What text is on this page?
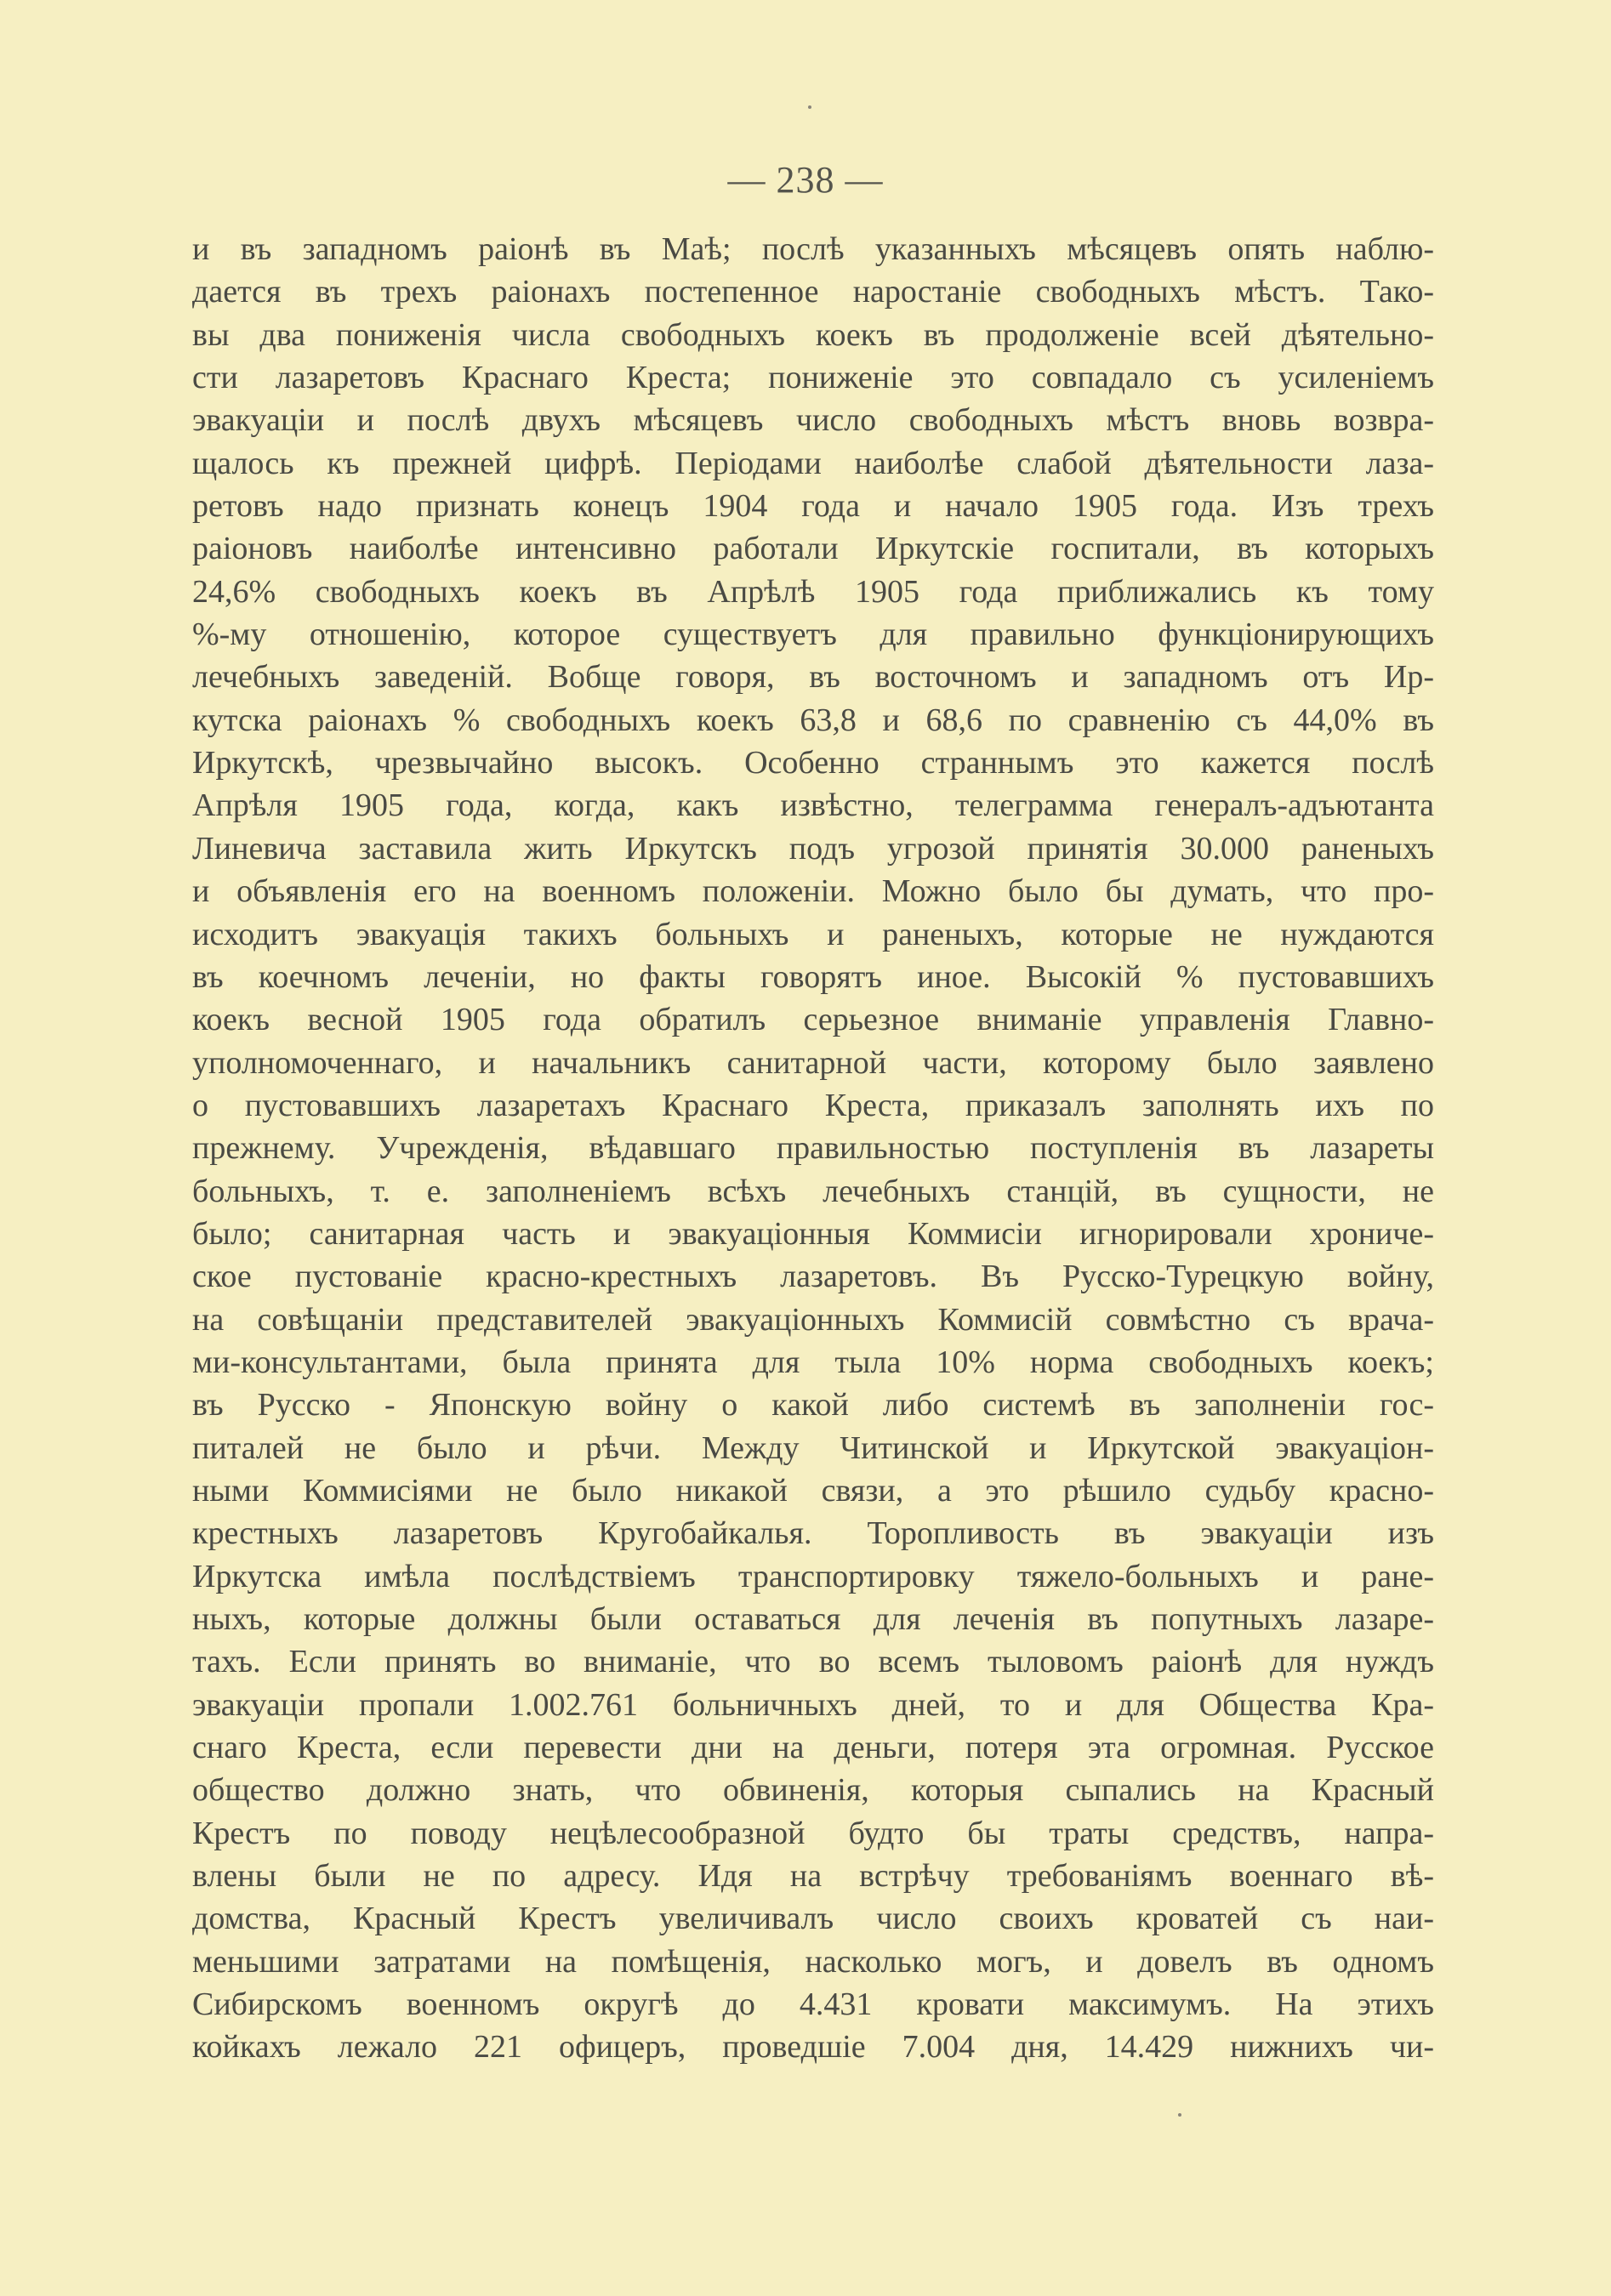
— 238 —
и въ западномъ раіонѣ въ Маѣ; послѣ указанныхъ мѣсяцевъ опять наблю-
дается въ трехъ раіонахъ постепенное наростаніе свободныхъ мѣстъ. Тако-
вы два пониженія числа свободныхъ коекъ въ продолженіе всей дѣятельно-
сти лазаретовъ Краснаго Креста; пониженіе это совпадало съ усиленіемъ
эвакуаціи и послѣ двухъ мѣсяцевъ число свободныхъ мѣстъ вновь возвра-
щалось къ прежней цифрѣ. Періодами наиболѣе слабой дѣятельности лаза-
ретовъ надо признать конецъ 1904 года и начало 1905 года. Изъ трехъ
раіоновъ наиболѣе интенсивно работали Иркутскіе госпитали, въ которыхъ
24,6% свободныхъ коекъ въ Апрѣлѣ 1905 года приближались къ тому
%-му отношенію, которое существуетъ для правильно функціонирующихъ
лечебныхъ заведеній. Вобще говоря, въ восточномъ и западномъ отъ Ир-
кутска раіонахъ % свободныхъ коекъ 63,8 и 68,6 по сравненію съ 44,0% въ
Иркутскѣ, чрезвычайно высокъ. Особенно страннымъ это кажется послѣ
Апрѣля 1905 года, когда, какъ извѣстно, телеграмма генералъ-адъютанта
Линевича заставила жить Иркутскъ подъ угрозой принятія 30.000 раненыхъ
и объявленія его на военномъ положеніи. Можно было бы думать, что про-
исходитъ эвакуація такихъ больныхъ и раненыхъ, которые не нуждаются
въ коечномъ леченіи, но факты говорятъ иное. Высокій % пустовавшихъ
коекъ весной 1905 года обратилъ серьезное вниманіе управленія Главно-
уполномоченнаго, и начальникъ санитарной части, которому было заявлено
о пустовавшихъ лазаретахъ Краснаго Креста, приказалъ заполнять ихъ по
прежнему. Учрежденія, вѣдавшаго правильностью поступленія въ лазареты
больныхъ, т. е. заполненіемъ всѣхъ лечебныхъ станцій, въ сущности, не
было; санитарная часть и эвакуаціонныя Коммисіи игнорировали хрониче-
ское пустованіе красно-крестныхъ лазаретовъ. Въ Русско-Турецкую войну,
на совѣщаніи представителей эвакуаціонныхъ Коммисій совмѣстно съ врача-
ми-консультантами, была принята для тыла 10% норма свободныхъ коекъ;
въ Русско - Японскую войну о какой либо системѣ въ заполненіи гос-
питалей не было и рѣчи. Между Читинской и Иркутской эвакуаціон-
ными Коммисіями не было никакой связи, а это рѣшило судьбу красно-
крестныхъ лазаретовъ Кругобайкалья. Торопливость въ эвакуаціи изъ
Иркутска имѣла послѣдствіемъ транспортировку тяжело-больныхъ и ране-
ныхъ, которые должны были оставаться для леченія въ попутныхъ лазаре-
тахъ. Если принять во вниманіе, что во всемъ тыловомъ раіонѣ для нуждъ
эвакуаціи пропали 1.002.761 больничныхъ дней, то и для Общества Кра-
снаго Креста, если перевести дни на деньги, потеря эта огромная. Русское
общество должно знать, что обвиненія, которыя сыпались на Красный
Крестъ по поводу нецѣлесообразной будто бы траты средствъ, напра-
влены были не по адресу. Идя на встрѣчу требованіямъ военнаго вѣ-
домства, Красный Крестъ увеличивалъ число своихъ кроватей съ наи-
меньшими затратами на помѣщенія, насколько могъ, и довелъ въ одномъ
Сибирскомъ военномъ округѣ до 4.431 кровати максимумъ. На этихъ
койкахъ лежало 221 офицеръ, проведшіе 7.004 дня, 14.429 нижнихъ чи-
